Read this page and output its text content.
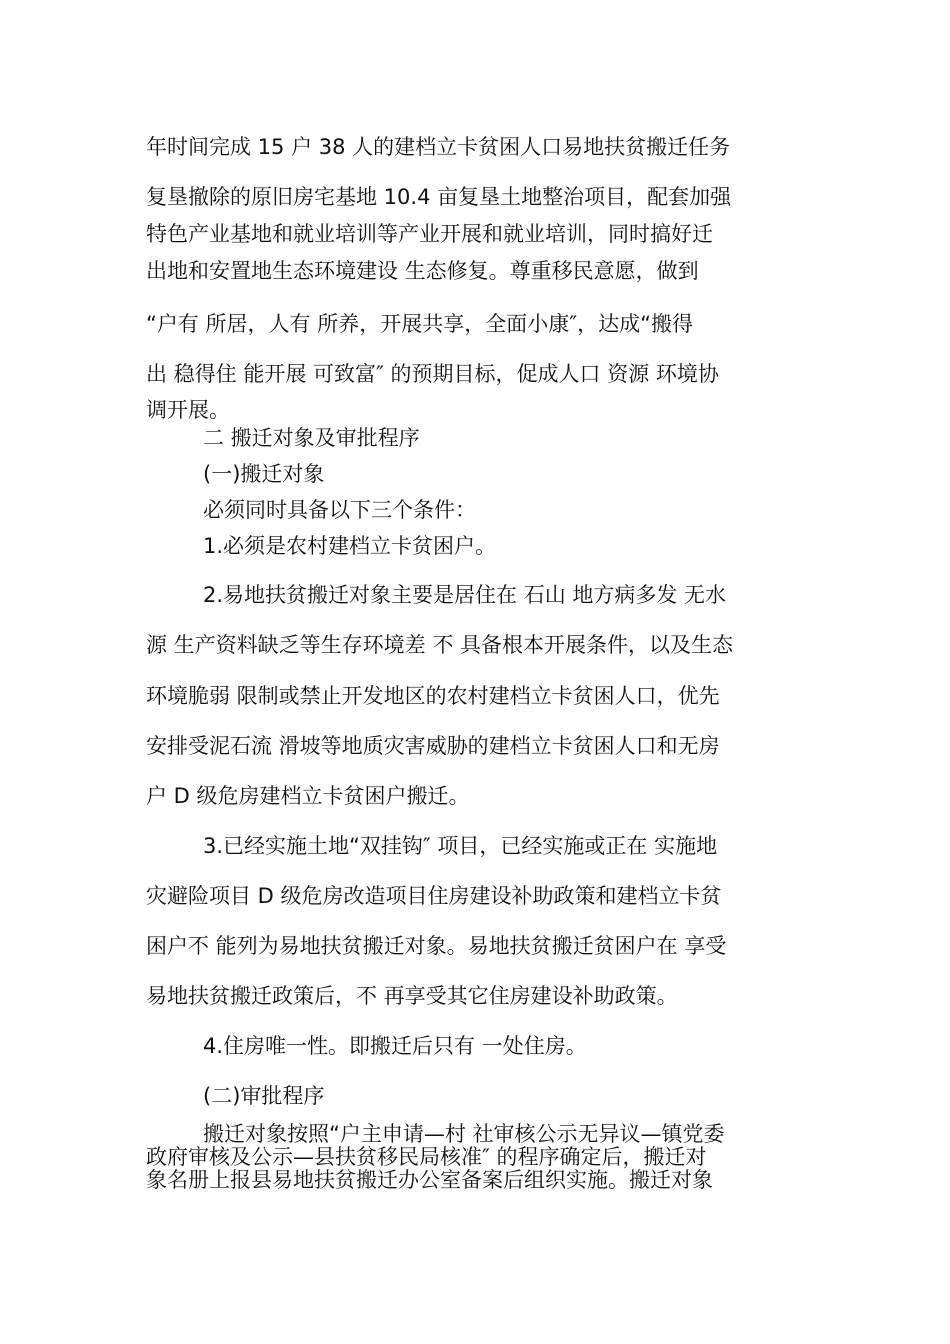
年时间完成 15 户 38 人的建档立卡贫困人口易地扶贫搬迁任务
复垦撤除的原旧房宅基地 10.4 亩复垦土地整治项目，配套加强
特色产业基地和就业培训等产业开展和就业培训，同时搞好迁
出地和安置地生态环境建设 生态修复。尊重移民意愿，做到
“户有 所居，人有 所养，开展共享，全面小康″，达成“搬得
出 稳得住 能开展 可致富″ 的预期目标，促成人口 资源 环境协
调开展。
二 搬迁对象及审批程序
(一)搬迁对象
必须同时具备以下三个条件：
1.必须是农村建档立卡贫困户。
2.易地扶贫搬迁对象主要是居住在 石山 地方病多发 无水
源 生产资料缺乏等生存环境差 不 具备根本开展条件，以及生态
环境脆弱 限制或禁止开发地区的农村建档立卡贫困人口，优先
安排受泥石流 滑坡等地质灾害威胁的建档立卡贫困人口和无房
户 D 级危房建档立卡贫困户搬迁。
3.已经实施土地“双挂钩″ 项目，已经实施或正在 实施地
灾避险项目 D 级危房改造项目住房建设补助政策和建档立卡贫
困户不 能列为易地扶贫搬迁对象。易地扶贫搬迁贫困户在 享受
易地扶贫搬迁政策后，不 再享受其它住房建设补助政策。
4.住房唯一性。即搬迁后只有 一处住房。
(二)审批程序
搬迁对象按照“户主申请—村 社审核公示无异议—镇党委
政府审核及公示—县扶贫移民局核准″ 的程序确定后，搬迁对
象名册上报县易地扶贫搬迁办公室备案后组织实施。搬迁对象
